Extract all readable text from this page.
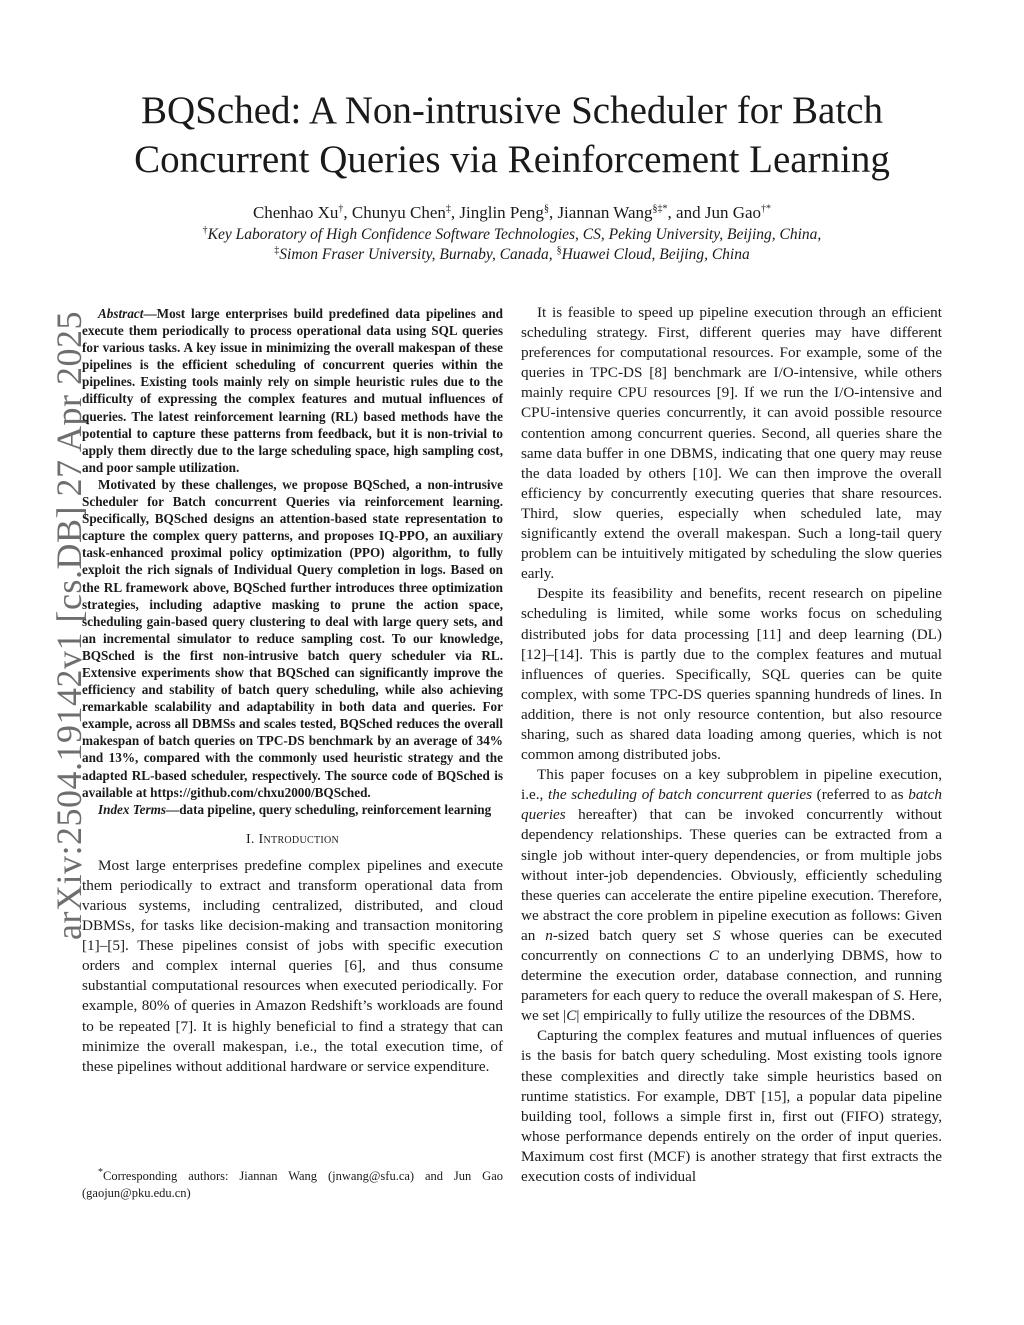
arXiv:2504.19142v1 [cs.DB] 27 Apr 2025
BQSched: A Non-intrusive Scheduler for Batch Concurrent Queries via Reinforcement Learning
Chenhao Xu†, Chunyu Chen‡, Jinglin Peng§, Jiannan Wang§‡*, and Jun Gao†*
†Key Laboratory of High Confidence Software Technologies, CS, Peking University, Beijing, China,
‡Simon Fraser University, Burnaby, Canada, §Huawei Cloud, Beijing, China

Abstract—Most large enterprises build predefined data pipelines and execute them periodically to process operational data using SQL queries for various tasks. A key issue in minimizing the overall makespan of these pipelines is the efficient scheduling of concurrent queries within the pipelines. Existing tools mainly rely on simple heuristic rules due to the difficulty of expressing the complex features and mutual influences of queries. The latest reinforcement learning (RL) based methods have the potential to capture these patterns from feedback, but it is non-trivial to apply them directly due to the large scheduling space, high sampling cost, and poor sample utilization.

Motivated by these challenges, we propose BQSched, a non-intrusive Scheduler for Batch concurrent Queries via reinforcement learning. Specifically, BQSched designs an attention-based state representation to capture the complex query patterns, and proposes IQ-PPO, an auxiliary task-enhanced proximal policy optimization (PPO) algorithm, to fully exploit the rich signals of Individual Query completion in logs. Based on the RL framework above, BQSched further introduces three optimization strategies, including adaptive masking to prune the action space, scheduling gain-based query clustering to deal with large query sets, and an incremental simulator to reduce sampling cost. To our knowledge, BQSched is the first non-intrusive batch query scheduler via RL. Extensive experiments show that BQSched can significantly improve the efficiency and stability of batch query scheduling, while also achieving remarkable scalability and adaptability in both data and queries. For example, across all DBMSs and scales tested, BQSched reduces the overall makespan of batch queries on TPC-DS benchmark by an average of 34% and 13%, compared with the commonly used heuristic strategy and the adapted RL-based scheduler, respectively. The source code of BQSched is available at https://github.com/chxu2000/BQSched.

Index Terms—data pipeline, query scheduling, reinforcement learning

I. Introduction

Most large enterprises predefine complex pipelines and execute them periodically to extract and transform operational data from various systems, including centralized, distributed, and cloud DBMSs, for tasks like decision-making and transaction monitoring [1]–[5]. These pipelines consist of jobs with specific execution orders and complex internal queries [6], and thus consume substantial computational resources when executed periodically. For example, 80% of queries in Amazon Redshift’s workloads are found to be repeated [7]. It is highly beneficial to find a strategy that can minimize the overall makespan, i.e., the total execution time, of these pipelines without additional hardware or service expenditure.

*Corresponding authors: Jiannan Wang (jnwang@sfu.ca) and Jun Gao (gaojun@pku.edu.cn)

It is feasible to speed up pipeline execution through an efficient scheduling strategy. First, different queries may have different preferences for computational resources. For example, some of the queries in TPC-DS [8] benchmark are I/O-intensive, while others mainly require CPU resources [9]. If we run the I/O-intensive and CPU-intensive queries concurrently, it can avoid possible resource contention among concurrent queries. Second, all queries share the same data buffer in one DBMS, indicating that one query may reuse the data loaded by others [10]. We can then improve the overall efficiency by concurrently executing queries that share resources. Third, slow queries, especially when scheduled late, may significantly extend the overall makespan. Such a long-tail query problem can be intuitively mitigated by scheduling the slow queries early.

Despite its feasibility and benefits, recent research on pipeline scheduling is limited, while some works focus on scheduling distributed jobs for data processing [11] and deep learning (DL) [12]–[14]. This is partly due to the complex features and mutual influences of queries. Specifically, SQL queries can be quite complex, with some TPC-DS queries spanning hundreds of lines. In addition, there is not only resource contention, but also resource sharing, such as shared data loading among queries, which is not common among distributed jobs.

This paper focuses on a key subproblem in pipeline execution, i.e., the scheduling of batch concurrent queries (referred to as batch queries hereafter) that can be invoked concurrently without dependency relationships. These queries can be extracted from a single job without inter-query dependencies, or from multiple jobs without inter-job dependencies. Obviously, efficiently scheduling these queries can accelerate the entire pipeline execution. Therefore, we abstract the core problem in pipeline execution as follows: Given an n-sized batch query set S whose queries can be executed concurrently on connections C to an underlying DBMS, how to determine the execution order, database connection, and running parameters for each query to reduce the overall makespan of S. Here, we set |C| empirically to fully utilize the resources of the DBMS.

Capturing the complex features and mutual influences of queries is the basis for batch query scheduling. Most existing tools ignore these complexities and directly take simple heuristics based on runtime statistics. For example, DBT [15], a popular data pipeline building tool, follows a simple first in, first out (FIFO) strategy, whose performance depends entirely on the order of input queries. Maximum cost first (MCF) is another strategy that first extracts the execution costs of individual
